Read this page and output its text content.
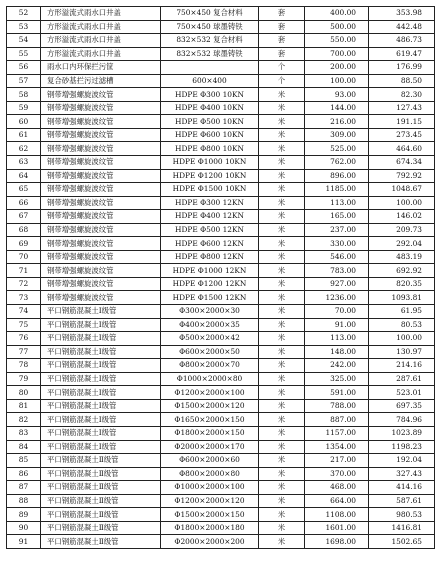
52	方形溢流式雨水口井盖	750×450 复合材料	套	400.00	353.98
53	方形溢流式雨水口井盖	750×450 球墨铸铁	套	500.00	442.48
54	方形溢流式雨水口井盖	832×532 复合材料	套	550.00	486.73
55	方形溢流式雨水口井盖	832×532 球墨铸铁	套	700.00	619.47
56	雨水口内环保拦污筐		个	200.00	176.99
57	复合砂基拦污过滤槽	600×400	个	100.00	88.50
58	钢带增强螺旋波纹管	HDPE Φ300 10KN	米	93.00	82.30
59	钢带增强螺旋波纹管	HDPE Φ400 10KN	米	144.00	127.43
60	钢带增强螺旋波纹管	HDPE Φ500 10KN	米	216.00	191.15
61	钢带增强螺旋波纹管	HDPE Φ600 10KN	米	309.00	273.45
62	钢带增强螺旋波纹管	HDPE Φ800 10KN	米	525.00	464.60
63	钢带增强螺旋波纹管	HDPE Φ1000 10KN	米	762.00	674.34
64	钢带增强螺旋波纹管	HDPE Φ1200 10KN	米	896.00	792.92
65	钢带增强螺旋波纹管	HDPE Φ1500 10KN	米	1185.00	1048.67
66	钢带增强螺旋波纹管	HDPE Φ300 12KN	米	113.00	100.00
67	钢带增强螺旋波纹管	HDPE Φ400 12KN	米	165.00	146.02
68	钢带增强螺旋波纹管	HDPE Φ500 12KN	米	237.00	209.73
69	钢带增强螺旋波纹管	HDPE Φ600 12KN	米	330.00	292.04
70	钢带增强螺旋波纹管	HDPE Φ800 12KN	米	546.00	483.19
71	钢带增强螺旋波纹管	HDPE Φ1000 12KN	米	783.00	692.92
72	钢带增强螺旋波纹管	HDPE Φ1200 12KN	米	927.00	820.35
73	钢带增强螺旋波纹管	HDPE Φ1500 12KN	米	1236.00	1093.81
74	平口钢筋混凝土Ⅰ级管	Φ300×2000×30	米	70.00	61.95
75	平口钢筋混凝土Ⅰ级管	Φ400×2000×35	米	91.00	80.53
76	平口钢筋混凝土Ⅰ级管	Φ500×2000×42	米	113.00	100.00
77	平口钢筋混凝土Ⅰ级管	Φ600×2000×50	米	148.00	130.97
78	平口钢筋混凝土Ⅰ级管	Φ800×2000×70	米	242.00	214.16
79	平口钢筋混凝土Ⅰ级管	Φ1000×2000×80	米	325.00	287.61
80	平口钢筋混凝土Ⅰ级管	Φ1200×2000×100	米	591.00	523.01
81	平口钢筋混凝土Ⅰ级管	Φ1500×2000×120	米	788.00	697.35
82	平口钢筋混凝土Ⅰ级管	Φ1650×2000×150	米	887.00	784.96
83	平口钢筋混凝土Ⅰ级管	Φ1800×2000×150	米	1157.00	1023.89
84	平口钢筋混凝土Ⅰ级管	Φ2000×2000×170	米	1354.00	1198.23
85	平口钢筋混凝土Ⅱ级管	Φ600×2000×60	米	217.00	192.04
86	平口钢筋混凝土Ⅱ级管	Φ800×2000×80	米	370.00	327.43
87	平口钢筋混凝土Ⅱ级管	Φ1000×2000×100	米	468.00	414.16
88	平口钢筋混凝土Ⅱ级管	Φ1200×2000×120	米	664.00	587.61
89	平口钢筋混凝土Ⅱ级管	Φ1500×2000×150	米	1108.00	980.53
90	平口钢筋混凝土Ⅱ级管	Φ1800×2000×180	米	1601.00	1416.81
91	平口钢筋混凝土Ⅱ级管	Φ2000×2000×200	米	1698.00	1502.65
